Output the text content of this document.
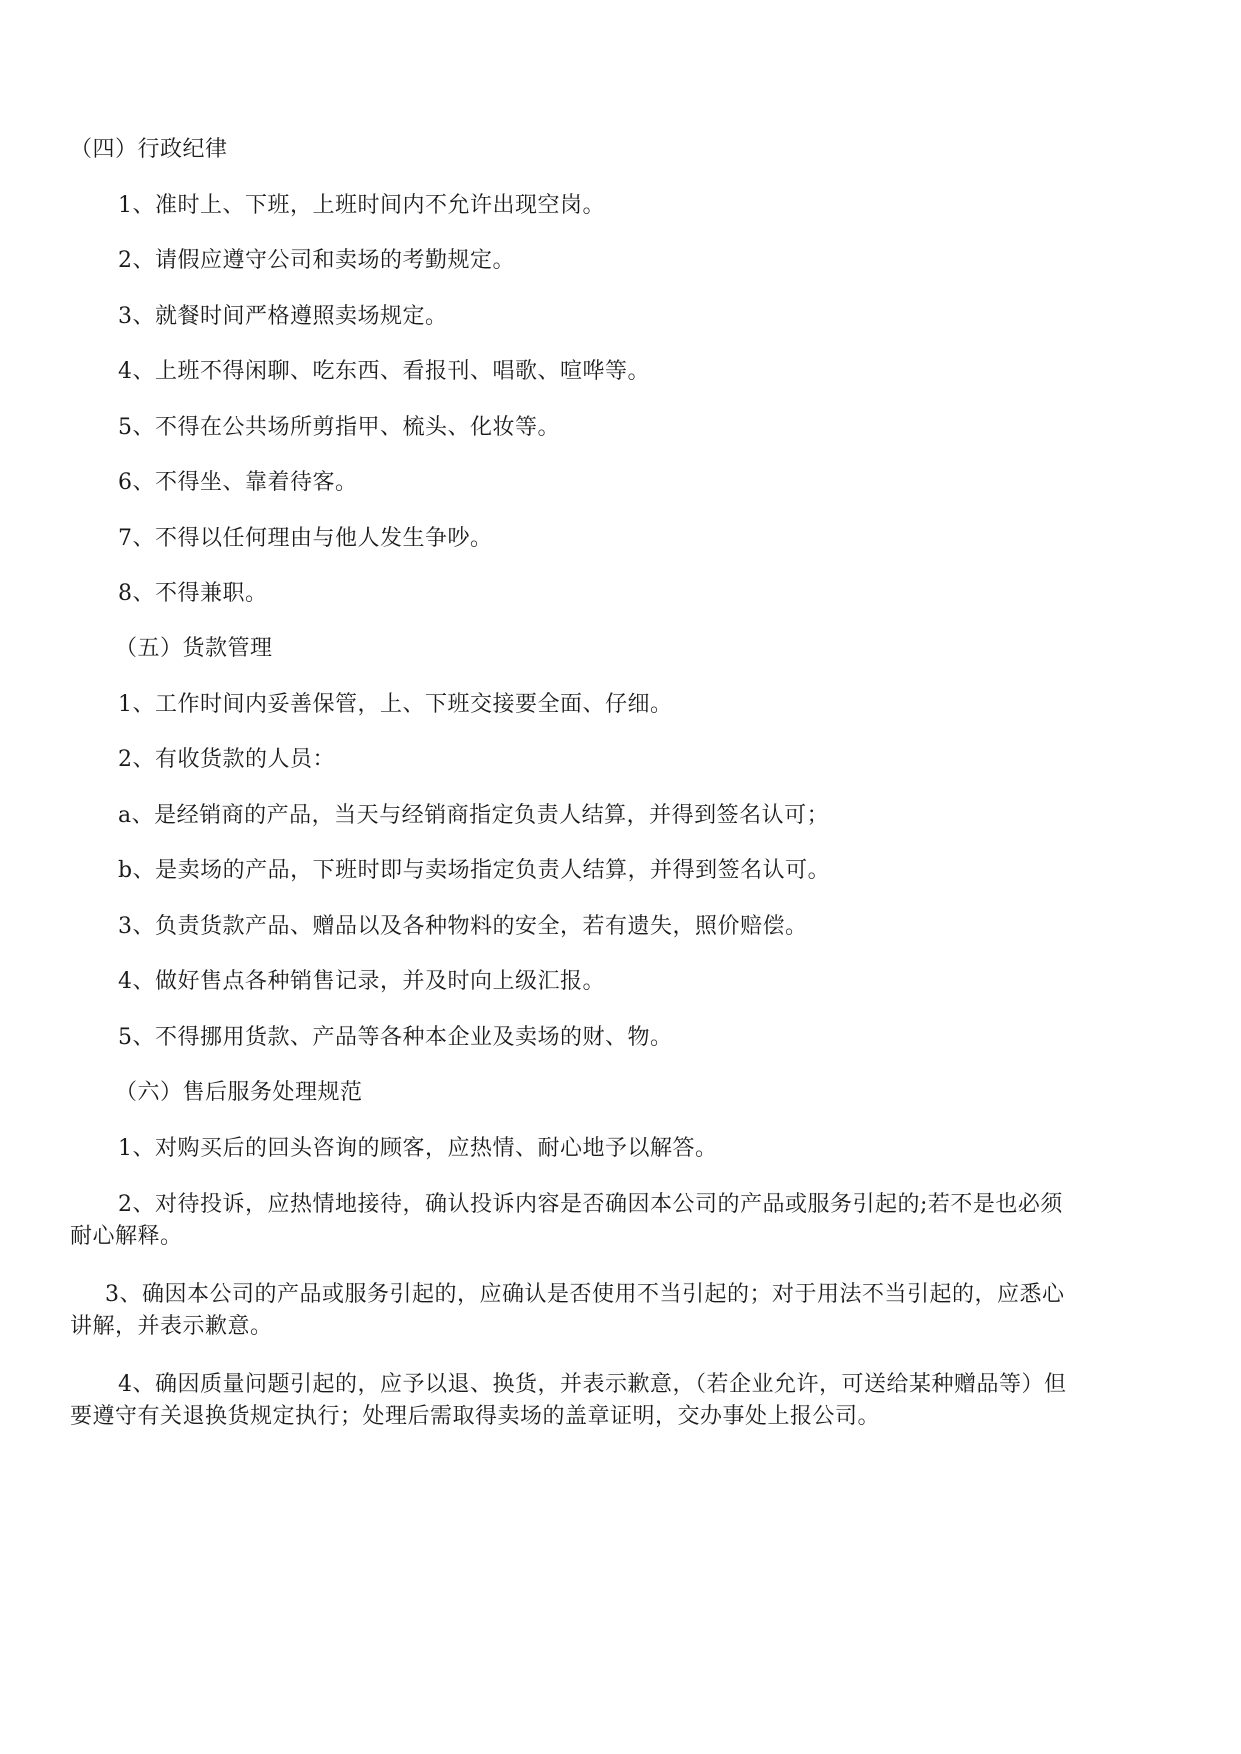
（四）行政纪律
1、准时上、下班，上班时间内不允许出现空岗。
2、请假应遵守公司和卖场的考勤规定。
3、就餐时间严格遵照卖场规定。
4、上班不得闲聊、吃东西、看报刊、唱歌、喧哗等。
5、不得在公共场所剪指甲、梳头、化妆等。
6、不得坐、靠着待客。
7、不得以任何理由与他人发生争吵。
8、不得兼职。
（五）货款管理
1、工作时间内妥善保管，上、下班交接要全面、仔细。
2、有收货款的人员：
a、是经销商的产品，当天与经销商指定负责人结算，并得到签名认可；
b、是卖场的产品，下班时即与卖场指定负责人结算，并得到签名认可。
3、负责货款产品、赠品以及各种物料的安全，若有遗失，照价赔偿。
4、做好售点各种销售记录，并及时向上级汇报。
5、不得挪用货款、产品等各种本企业及卖场的财、物。
（六）售后服务处理规范
1、对购买后的回头咨询的顾客，应热情、耐心地予以解答。
2、对待投诉，应热情地接待，确认投诉内容是否确因本公司的产品或服务引起的;若不是也必须
耐心解释。
3、确因本公司的产品或服务引起的，应确认是否使用不当引起的；对于用法不当引起的，应悉心
讲解，并表示歉意。
4、确因质量问题引起的，应予以退、换货，并表示歉意，（若企业允许，可送给某种赠品等）但
要遵守有关退换货规定执行；处理后需取得卖场的盖章证明，交办事处上报公司。
